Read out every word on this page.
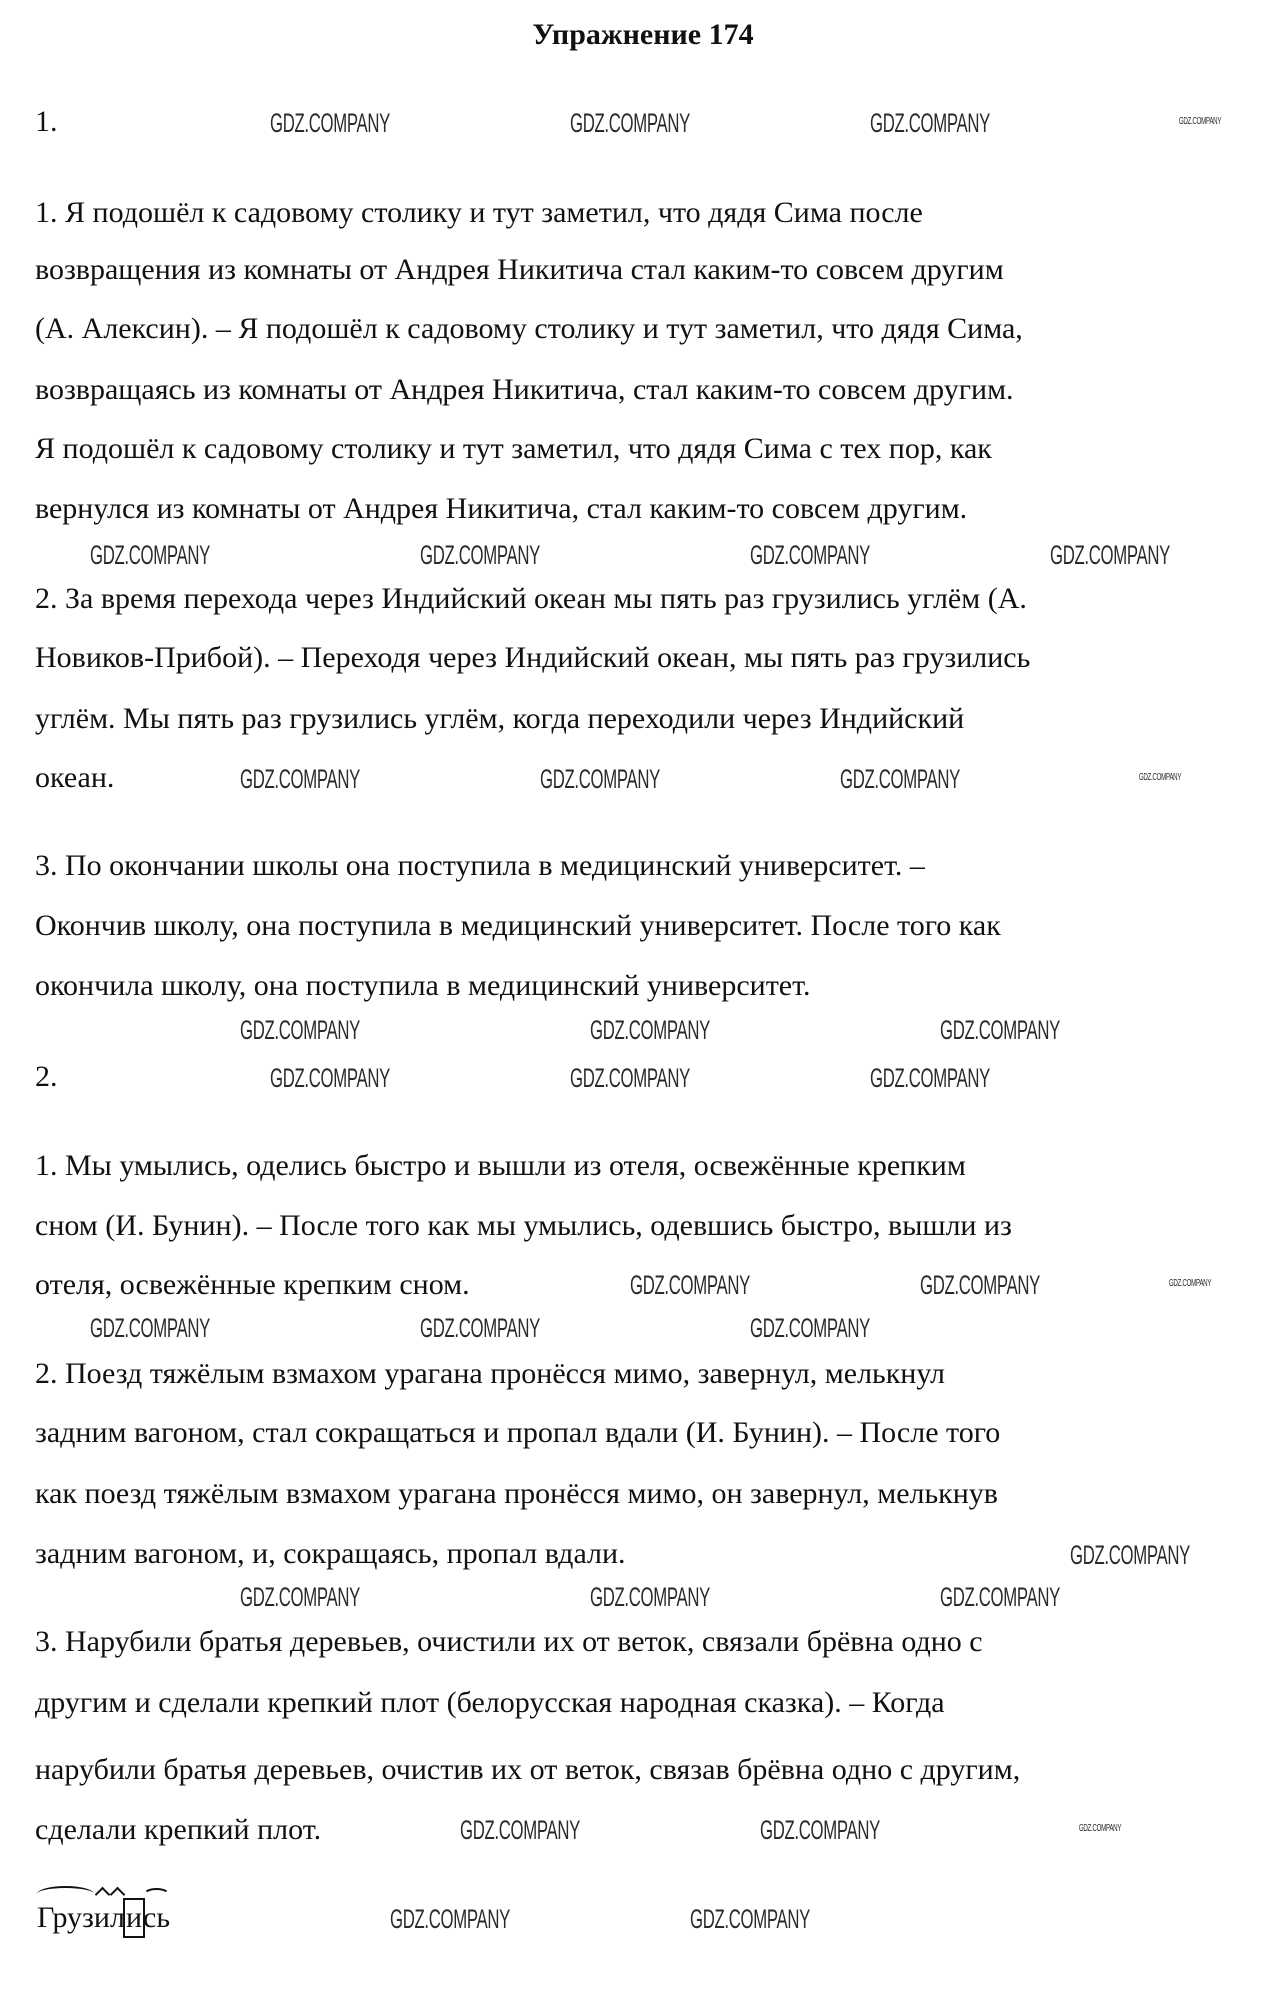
Упражнение 174
1.
1. Я подошёл к садовому столику и тут заметил, что дядя Сима после
возвращения из комнаты от Андрея Никитича стал каким-то совсем другим
(А. Алексин). – Я подошёл к садовому столику и тут заметил, что дядя Сима,
возвращаясь из комнаты от Андрея Никитича, стал каким-то совсем другим.
Я подошёл к садовому столику и тут заметил, что дядя Сима с тех пор, как
вернулся из комнаты от Андрея Никитича, стал каким-то совсем другим.
2. За время перехода через Индийский океан мы пять раз грузились углём (А.
Новиков-Прибой). – Переходя через Индийский океан, мы пять раз грузились
углём. Мы пять раз грузились углём, когда переходили через Индийский
океан.
3. По окончании школы она поступила в медицинский университет. –
Окончив школу, она поступила в медицинский университет. После того как
окончила школу, она поступила в медицинский университет.
2.
1. Мы умылись, оделись быстро и вышли из отеля, освежённые крепким
сном (И. Бунин). – После того как мы умылись, одевшись быстро, вышли из
отеля, освежённые крепким сном.
2. Поезд тяжёлым взмахом урагана пронёсся мимо, завернул, мелькнул
задним вагоном, стал сокращаться и пропал вдали (И. Бунин). – После того
как поезд тяжёлым взмахом урагана пронёсся мимо, он завернул, мелькнув
задним вагоном, и, сокращаясь, пропал вдали.
3. Нарубили братья деревьев, очистили их от веток, связали брёвна одно с
другим и сделали крепкий плот (белорусская народная сказка). – Когда
нарубили братья деревьев, очистив их от веток, связав брёвна одно с другим,
сделали крепкий плот.
Груз
и
ли
сь
GDZ.COMPANY	GDZ.COMPANY	GDZ.COMPANY	GDZ.COMPANY
GDZ.COMPANY	GDZ.COMPANY	GDZ.COMPANY	GDZ.COMPANY
GDZ.COMPANY	GDZ.COMPANY	GDZ.COMPANY	GDZ.COMPANY
GDZ.COMPANY	GDZ.COMPANY	GDZ.COMPANY
GDZ.COMPANY	GDZ.COMPANY	GDZ.COMPANY
GDZ.COMPANY	GDZ.COMPANY	GDZ.COMPANY
GDZ.COMPANY	GDZ.COMPANY	GDZ.COMPANY
GDZ.COMPANY
GDZ.COMPANY	GDZ.COMPANY	GDZ.COMPANY
GDZ.COMPANY	GDZ.COMPANY	GDZ.COMPANY
GDZ.COMPANY	GDZ.COMPANY
